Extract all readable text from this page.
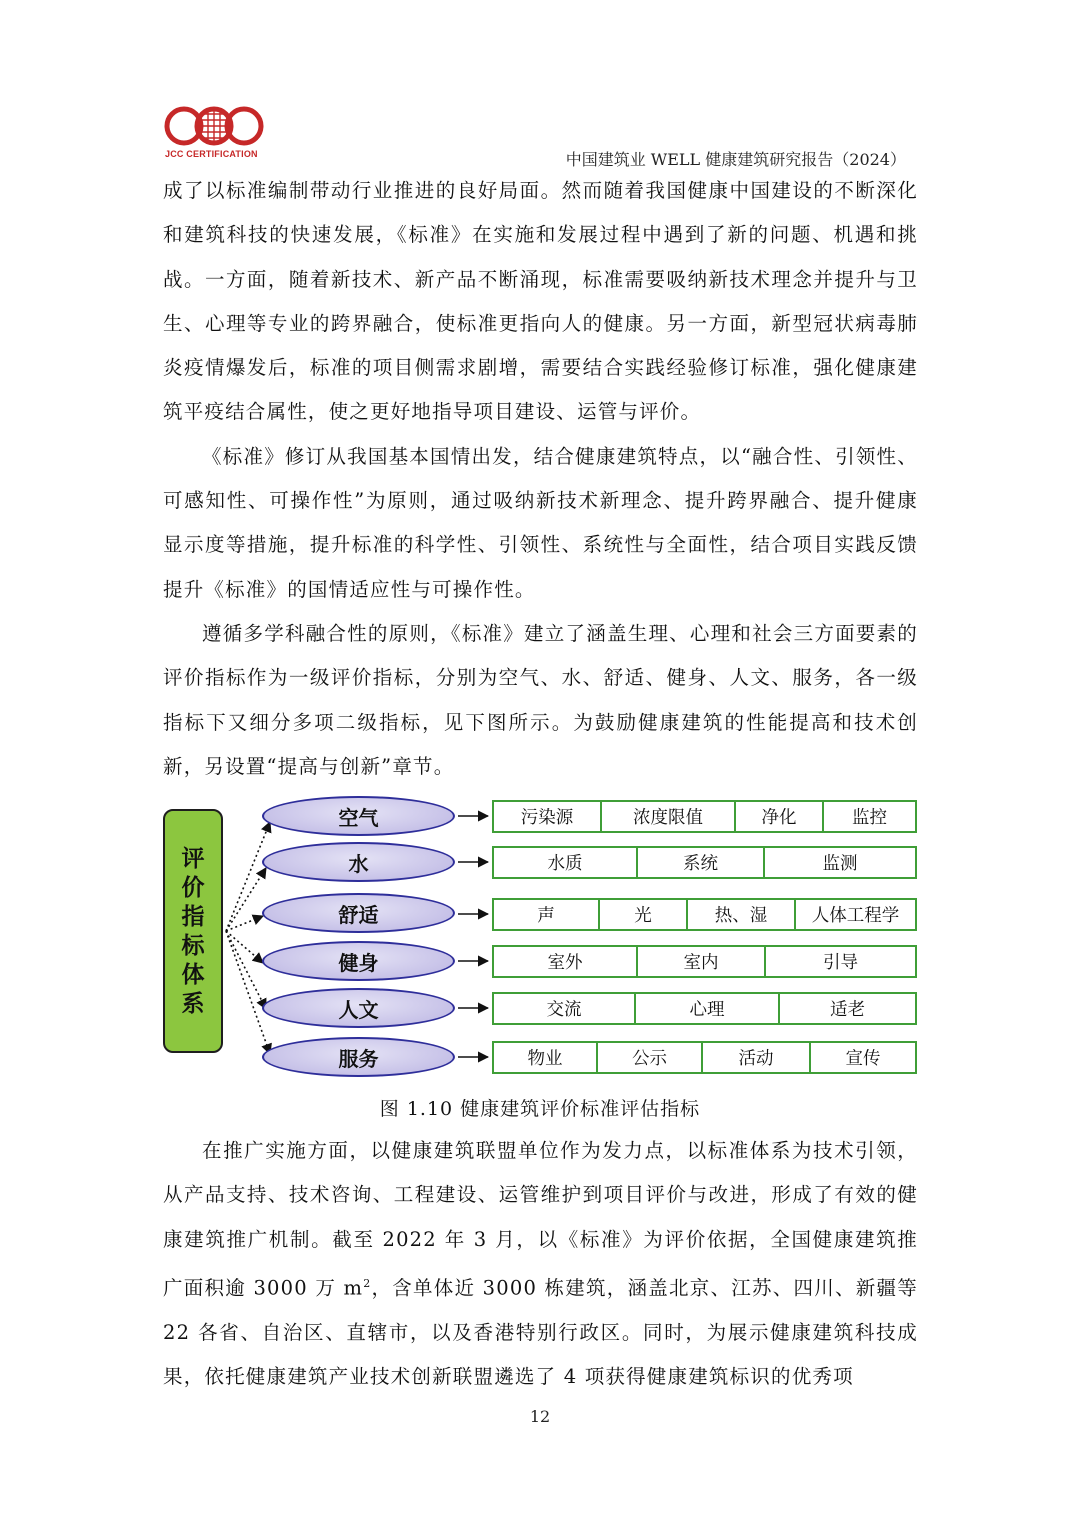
JCC CERTIFICATION	中国建筑业 WELL 健康建筑研究报告（2024）

成了以标准编制带动行业推进的良好局面。然而随着我国健康中国建设的不断深化和建筑科技的快速发展，《标准》在实施和发展过程中遇到了新的问题、机遇和挑战。一方面，随着新技术、新产品不断涌现，标准需要吸纳新技术理念并提升与卫生、心理等专业的跨界融合，使标准更指向人的健康。另一方面，新型冠状病毒肺炎疫情爆发后，标准的项目侧需求剧增，需要结合实践经验修订标准，强化健康建筑平疫结合属性，使之更好地指导项目建设、运管与评价。

《标准》修订从我国基本国情出发，结合健康建筑特点，以“融合性、引领性、可感知性、可操作性”为原则，通过吸纳新技术新理念、提升跨界融合、提升健康显示度等措施，提升标准的科学性、引领性、系统性与全面性，结合项目实践反馈提升《标准》的国情适应性与可操作性。

遵循多学科融合性的原则，《标准》建立了涵盖生理、心理和社会三方面要素的评价指标作为一级评价指标，分别为空气、水、舒适、健身、人文、服务，各一级指标下又细分多项二级指标，见下图所示。为鼓励健康建筑的性能提高和技术创新，另设置“提高与创新”章节。

评
价
指
标
体
系
空气
水
舒适
健身
人文
服务
污染源	浓度限值	净化	监控
水质	系统	监测
声	光	热、湿	人体工程学
室外	室内	引导
交流	心理	适老
物业	公示	活动	宣传
图 1.10 健康建筑评价标准评估指标

在推广实施方面，以健康建筑联盟单位作为发力点，以标准体系为技术引领，从产品支持、技术咨询、工程建设、运管维护到项目评价与改进，形成了有效的健康建筑推广机制。截至 2022 年 3 月，以《标准》为评价依据，全国健康建筑推广面积逾 3000 万 $m^2$，含单体近 3000 栋建筑，涵盖北京、江苏、四川、新疆等 22 各省、自治区、直辖市，以及香港特别行政区。同时，为展示健康建筑科技成果，依托健康建筑产业技术创新联盟遴选了 4 项获得健康建筑标识的优秀项

12
